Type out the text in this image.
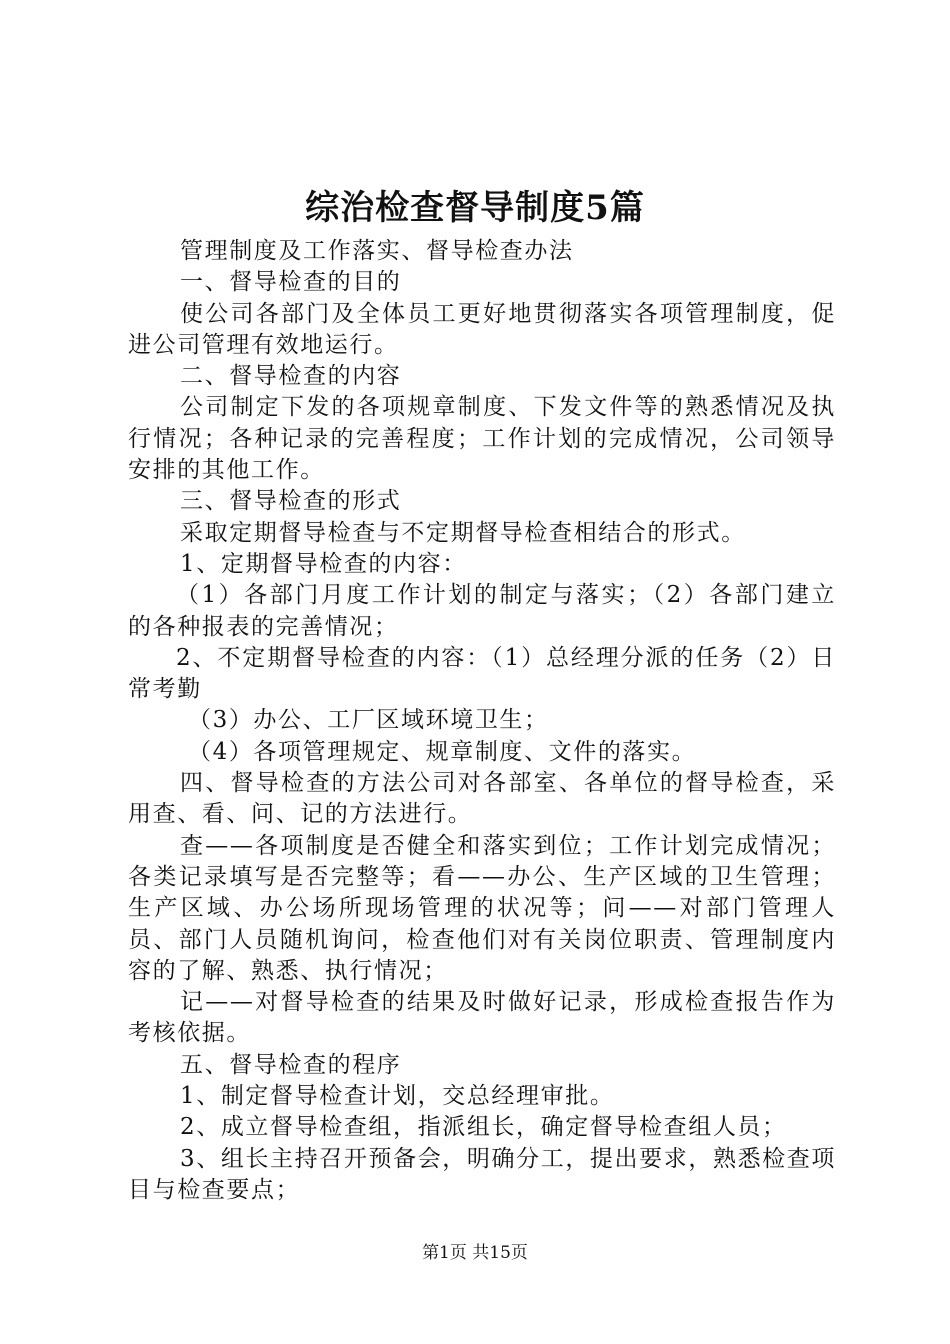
综治检查督导制度5篇

管理制度及工作落实、督导检查办法

一、督导检查的目的

使公司各部门及全体员工更好地贯彻落实各项管理制度，促进公司管理有效地运行。

二、督导检查的内容

公司制定下发的各项规章制度、下发文件等的熟悉情况及执行情况；各种记录的完善程度；工作计划的完成情况，公司领导安排的其他工作。

三、督导检查的形式

采取定期督导检查与不定期督导检查相结合的形式。

1、定期督导检查的内容：

（1）各部门月度工作计划的制定与落实；（2）各部门建立的各种报表的完善情况；

2、不定期督导检查的内容：（1）总经理分派的任务（2）日常考勤

（3）办公、工厂区域环境卫生；

（4）各项管理规定、规章制度、文件的落实。

四、督导检查的方法公司对各部室、各单位的督导检查，采用查、看、问、记的方法进行。

查——各项制度是否健全和落实到位；工作计划完成情况；各类记录填写是否完整等；看——办公、生产区域的卫生管理；生产区域、办公场所现场管理的状况等；问——对部门管理人员、部门人员随机询问，检查他们对有关岗位职责、管理制度内容的了解、熟悉、执行情况；

记——对督导检查的结果及时做好记录，形成检查报告作为考核依据。

五、督导检查的程序

1、制定督导检查计划，交总经理审批。

2、成立督导检查组，指派组长，确定督导检查组人员；

3、组长主持召开预备会，明确分工，提出要求，熟悉检查项目与检查要点；

第1页 共15页
